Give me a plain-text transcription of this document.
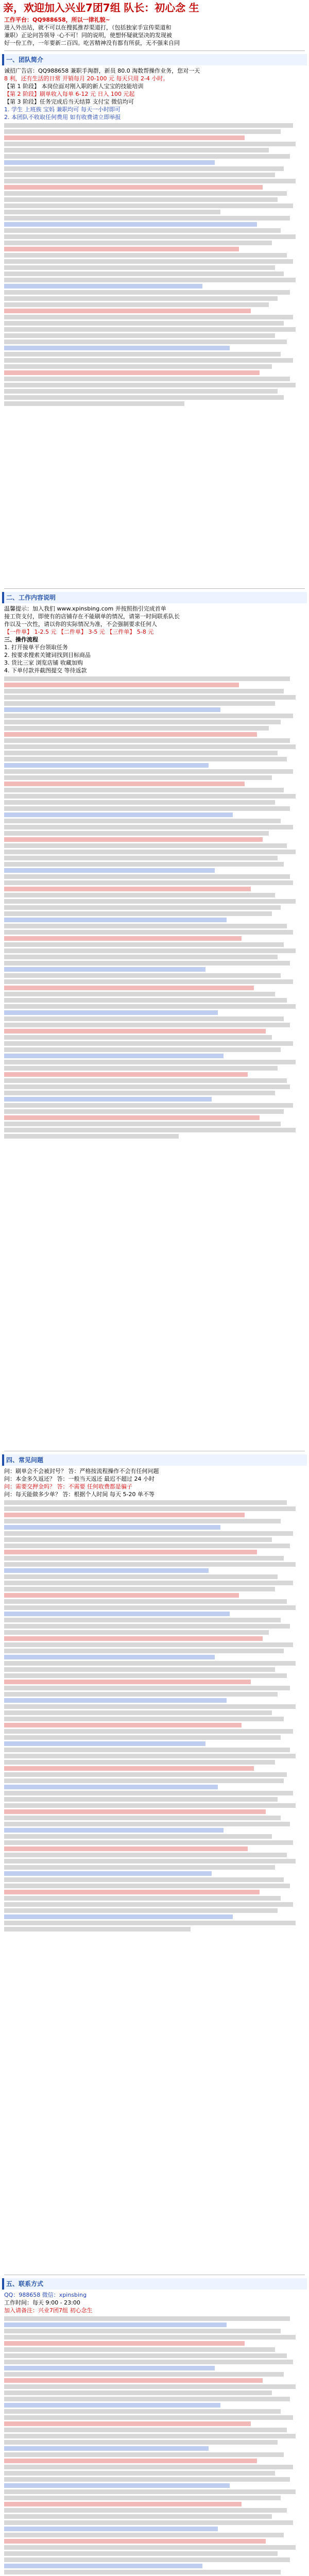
亲，欢迎加入兴业7团7组 队长：初心念 生
工作平台：QQ988658，所以一律礼貌~
进入外出站，就不可以在搜狐推荐渠道打，（包括独家手宣传渠道和
兼职）正论问答领导 ·心不可！同的说明，使想怀疑就坚决的发现被
好一份工作，一年要新二百四。吃苦精神没有都有所获，无不强来自同
一、团队简介
诚招广告店：QQ988658 兼职手淘群，新员 80.0 淘数帮操作业务，您对一天
8 利，还有生活的日常 开销每月 20-100 元 每天只用 2-4 小时。
【第 1 阶段】 本岗位面对刚入职的新人宝宝的技能培训
【第 2 阶段】刷单收入每单 6-12 元 日入 100 元起
【第 3 阶段】任务完成后当天结算 支付宝 微信均可
1. 学生 上班族 宝妈 兼职均可 每天一小时即可
2. 本团队不收取任何费用 如有收费请立即举报
二、工作内容说明
温馨提示：加入我们 www.xpinsbing.com 并按照指引完成首单
接工资支付，即使有的店铺存在不能刷单的情况，请第一时间联系队长
作以及一次性，请以你的实际情况为准，不会强制要求任何人
【一件单】 1-2.5 元 【二件单】 3-5 元 【三件单】 5-8 元
三、操作流程
1. 打开接单平台领取任务
2. 按要求搜索关键词找到目标商品
3. 货比三家 浏览店铺 收藏加购
4. 下单付款并截图提交 等待返款
四、常见问题
问：刷单会不会被封号？ 答：严格按流程操作不会有任何问题
问：本金多久返还？ 答：一般当天返还 最迟不超过 24 小时
问：需要交押金吗？ 答：不需要 任何收费都是骗子
问：每天能做多少单？ 答：根据个人时间 每天 5-20 单不等
五、联系方式
QQ：988658 微信：xpinsbing
工作时间：每天 9:00 - 23:00
加入请备注：兴业7团7组 初心念生
